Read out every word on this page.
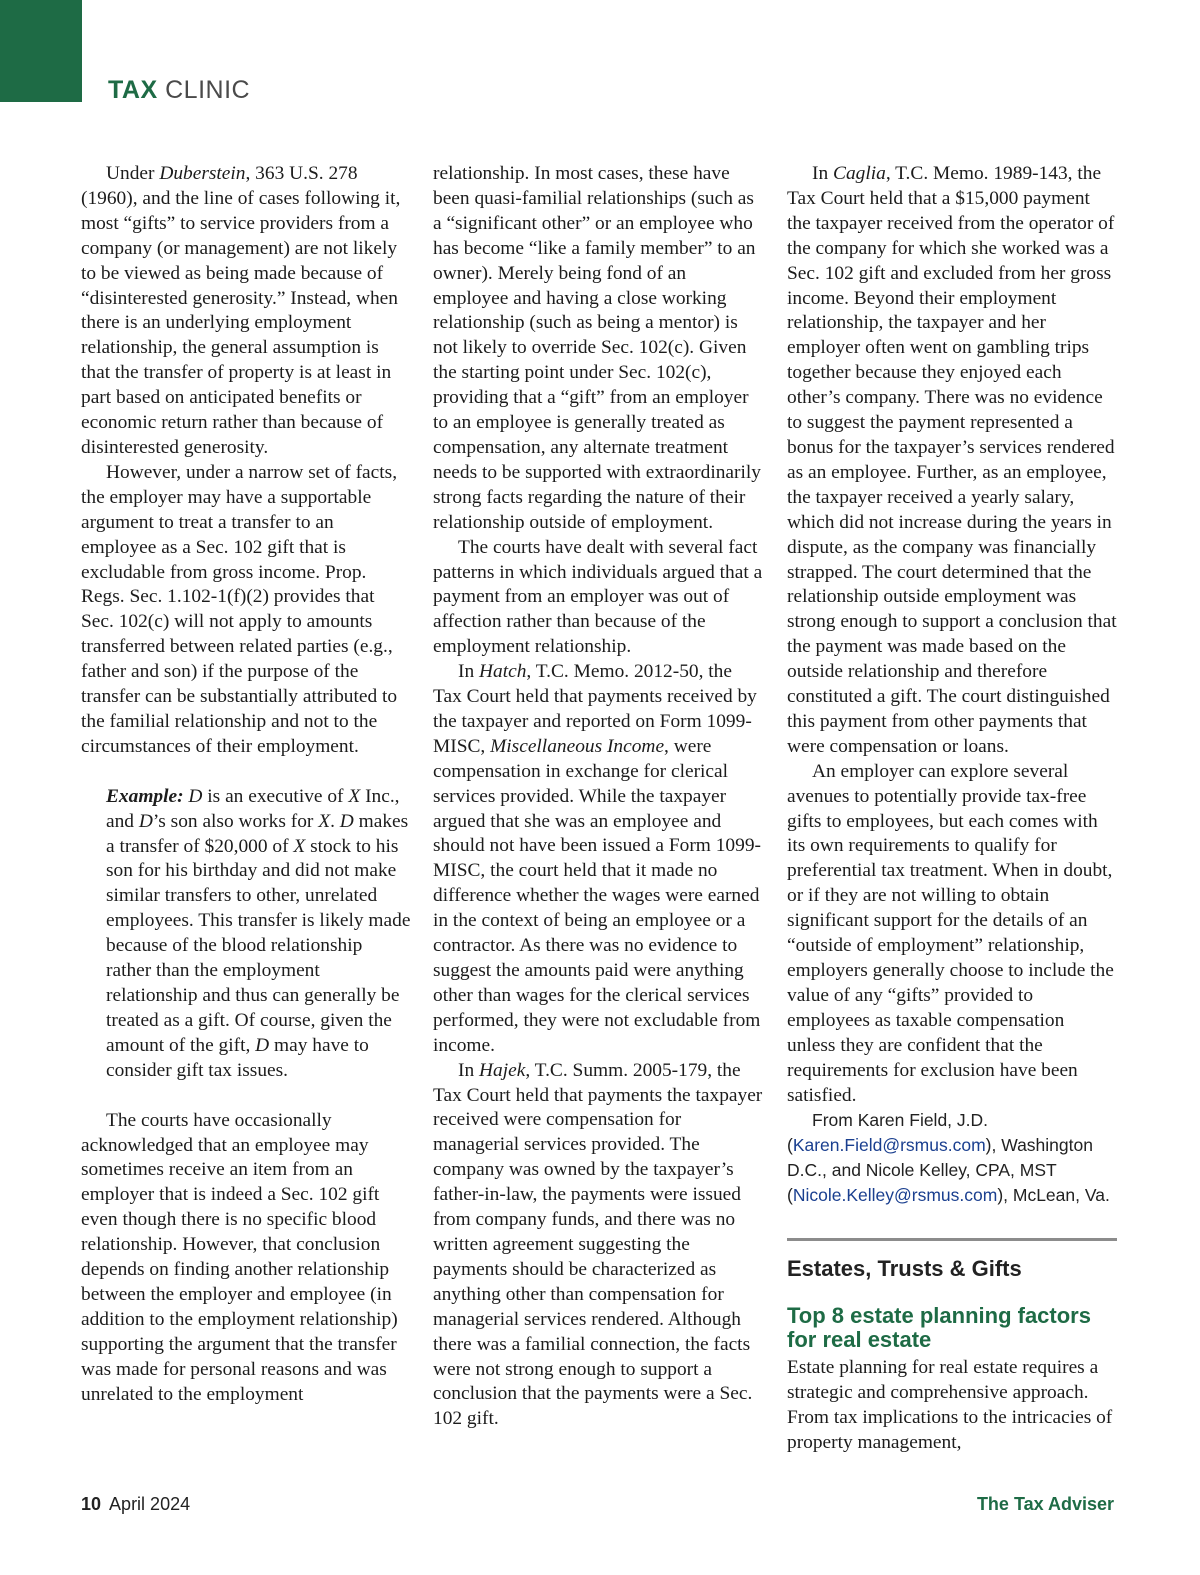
TAX CLINIC

Under Duberstein, 363 U.S. 278 (1960), and the line of cases following it, most “gifts” to service providers from a company (or management) are not likely to be viewed as being made because of “disinterested generosity.” Instead, when there is an underlying employment relationship, the general assumption is that the transfer of property is at least in part based on anticipated benefits or economic return rather than because of disinterested generosity.

However, under a narrow set of facts, the employer may have a supportable argument to treat a transfer to an employee as a Sec. 102 gift that is excludable from gross income. Prop. Regs. Sec. 1.102-1(f)(2) provides that Sec. 102(c) will not apply to amounts transferred between related parties (e.g., father and son) if the purpose of the transfer can be substantially attributed to the familial relationship and not to the circumstances of their employment.

Example: D is an executive of X Inc., and D’s son also works for X. D makes a transfer of $20,000 of X stock to his son for his birthday and did not make similar transfers to other, unrelated employees. This transfer is likely made because of the blood relationship rather than the employment relationship and thus can generally be treated as a gift. Of course, given the amount of the gift, D may have to consider gift tax issues.

The courts have occasionally acknowledged that an employee may sometimes receive an item from an employer that is indeed a Sec. 102 gift even though there is no specific blood relationship. However, that conclusion depends on finding another relationship between the employer and employee (in addition to the employment relationship) supporting the argument that the transfer was made for personal reasons and was unrelated to the employment

relationship. In most cases, these have been quasi-familial relationships (such as a “significant other” or an employee who has become “like a family member” to an owner). Merely being fond of an employee and having a close working relationship (such as being a mentor) is not likely to override Sec. 102(c). Given the starting point under Sec. 102(c), providing that a “gift” from an employer to an employee is generally treated as compensation, any alternate treatment needs to be supported with extraordinarily strong facts regarding the nature of their relationship outside of employment.

The courts have dealt with several fact patterns in which individuals argued that a payment from an employer was out of affection rather than because of the employment relationship.

In Hatch, T.C. Memo. 2012-50, the Tax Court held that payments received by the taxpayer and reported on Form 1099-MISC, Miscellaneous Income, were compensation in exchange for clerical services provided. While the taxpayer argued that she was an employee and should not have been issued a Form 1099-MISC, the court held that it made no difference whether the wages were earned in the context of being an employee or a contractor. As there was no evidence to suggest the amounts paid were anything other than wages for the clerical services performed, they were not excludable from income.

In Hajek, T.C. Summ. 2005-179, the Tax Court held that payments the taxpayer received were compensation for managerial services provided. The company was owned by the taxpayer’s father-in-law, the payments were issued from company funds, and there was no written agreement suggesting the payments should be characterized as anything other than compensation for managerial services rendered. Although there was a familial connection, the facts were not strong enough to support a conclusion that the payments were a Sec. 102 gift.

In Caglia, T.C. Memo. 1989-143, the Tax Court held that a $15,000 payment the taxpayer received from the operator of the company for which she worked was a Sec. 102 gift and excluded from her gross income. Beyond their employment relationship, the taxpayer and her employer often went on gambling trips together because they enjoyed each other’s company. There was no evidence to suggest the payment represented a bonus for the taxpayer’s services rendered as an employee. Further, as an employee, the taxpayer received a yearly salary, which did not increase during the years in dispute, as the company was financially strapped. The court determined that the relationship outside employment was strong enough to support a conclusion that the payment was made based on the outside relationship and therefore constituted a gift. The court distinguished this payment from other payments that were compensation or loans.

An employer can explore several avenues to potentially provide tax-free gifts to employees, but each comes with its own requirements to qualify for preferential tax treatment. When in doubt, or if they are not willing to obtain significant support for the details of an “outside of employment” relationship, employers generally choose to include the value of any “gifts” provided to employees as taxable compensation unless they are confident that the requirements for exclusion have been satisfied.

From Karen Field, J.D. (Karen.Field@rsmus.com), Washington D.C., and Nicole Kelley, CPA, MST (Nicole.Kelley@rsmus.com), McLean, Va.

Estates, Trusts & Gifts
Top 8 estate planning factors for real estate

Estate planning for real estate requires a strategic and comprehensive approach. From tax implications to the intricacies of property management,

10 April 2024	The Tax Adviser
